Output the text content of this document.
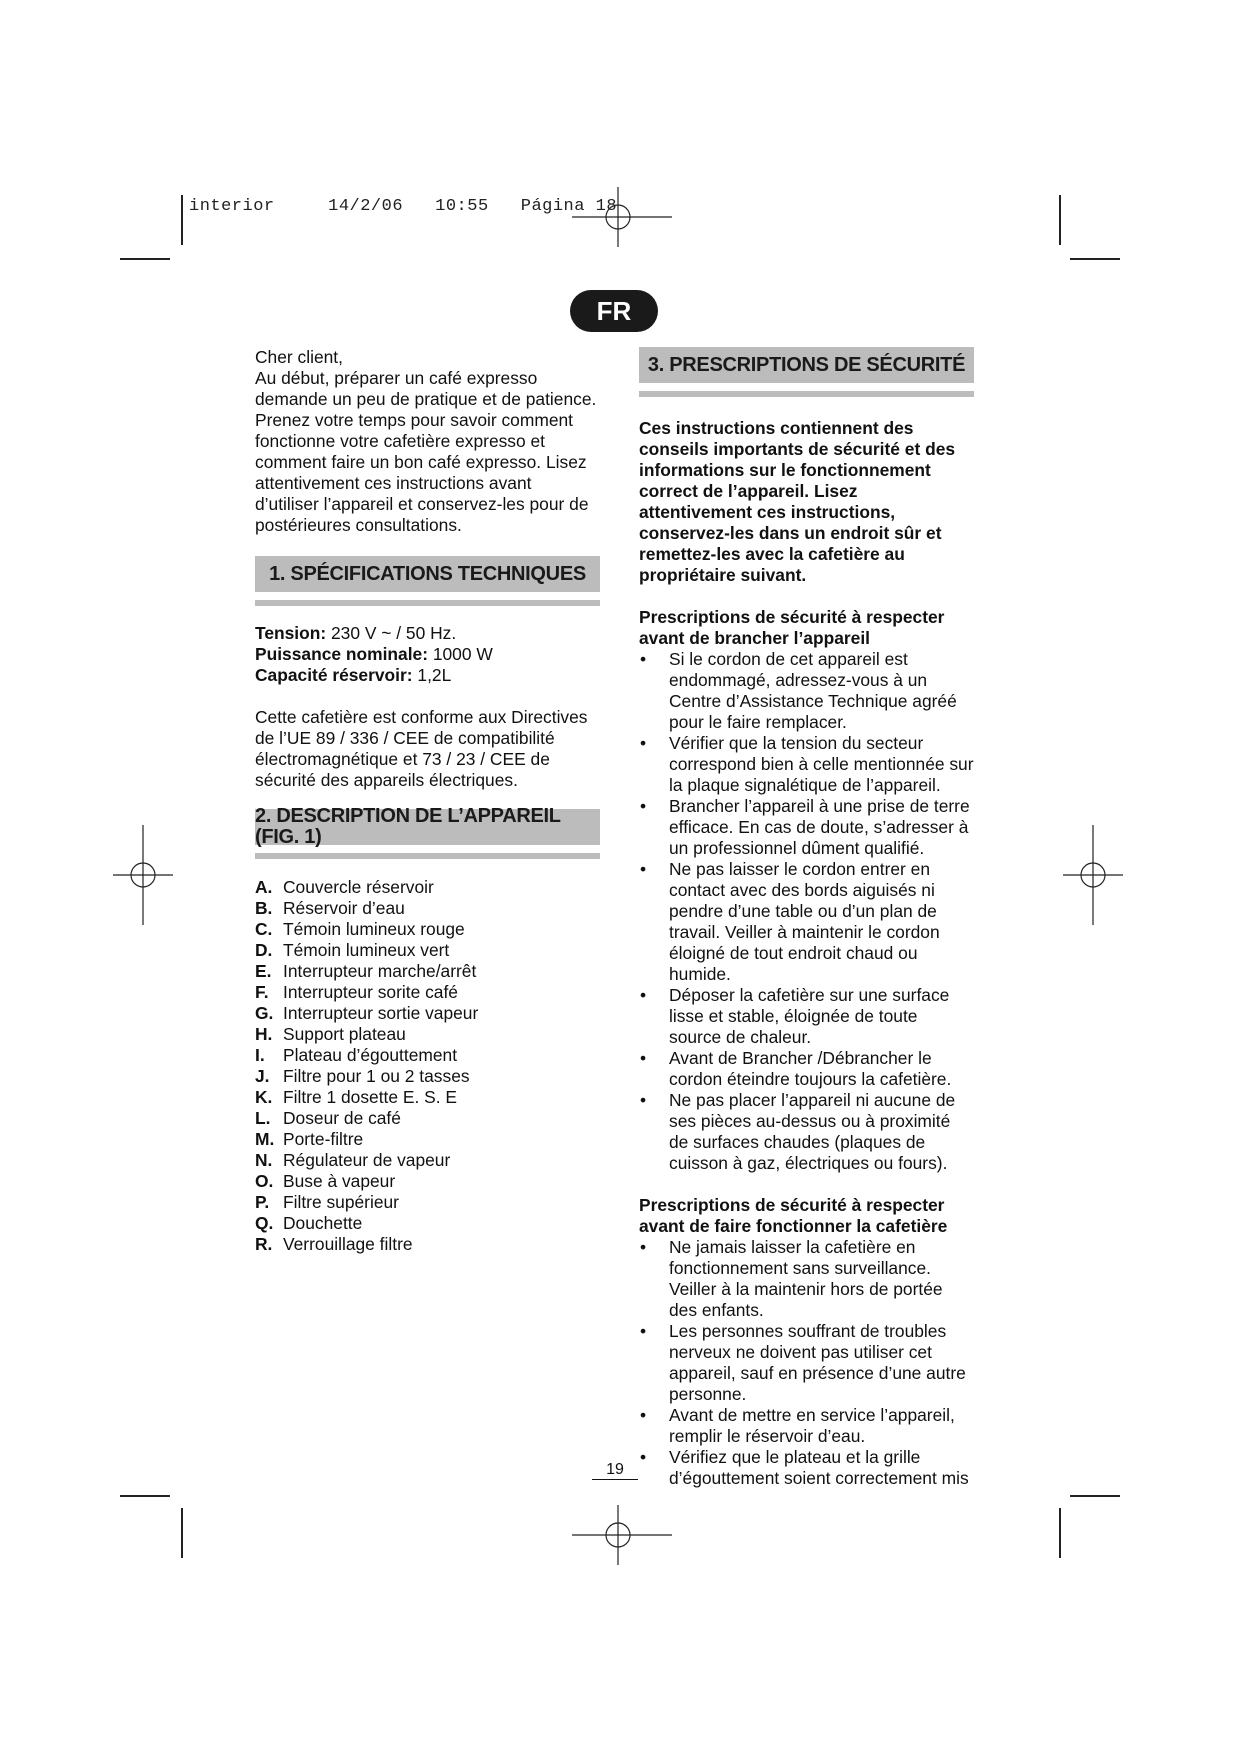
interior     14/2/06   10:55   Página 18
FR

Cher client,

Au début, préparer un café expresso demande un peu de pratique et de patience. Prenez votre temps pour savoir comment fonctionne votre cafetière expresso et comment faire un bon café expresso. Lisez attentivement ces instructions avant d’utiliser l’appareil et conservez-les pour de postérieures consultations.

1. SPÉCIFICATIONS TECHNIQUES

Tension: 230 V ~ / 50 Hz.

Puissance nominale: 1000 W

Capacité réservoir: 1,2L

Cette cafetière est conforme aux Directives de l’UE 89 / 336 / CEE de compatibilité électromagnétique et 73 / 23 / CEE de sécurité des appareils électriques.

2. DESCRIPTION DE L’APPAREIL (FIG. 1)
A. Couvercle réservoir
B. Réservoir d’eau
C. Témoin lumineux rouge
D. Témoin lumineux vert
E. Interrupteur marche/arrêt
F. Interrupteur sorite café
G. Interrupteur sortie vapeur
H. Support plateau
I.	Plateau d’égouttement
J. Filtre pour 1 ou 2 tasses
K. Filtre 1 dosette E. S. E
L. Doseur de café
M. Porte-filtre
N. Régulateur de vapeur
O. Buse à vapeur
P. Filtre supérieur
Q. Douchette
R. Verrouillage filtre
3. PRESCRIPTIONS DE SÉCURITÉ

Ces instructions contiennent des conseils importants de sécurité et des informations sur le fonctionnement correct de l’appareil. Lisez attentivement ces instructions, conservez-les dans un endroit sûr et remettez-les avec la cafetière au propriétaire suivant.

Prescriptions de sécurité à respecter avant de brancher l’appareil

• Si le cordon de cet appareil est endommagé, adressez-vous à un Centre d’Assistance Technique agréé pour le faire remplacer.
• Vérifier que la tension du secteur correspond bien à celle mentionnée sur la plaque signalétique de l’appareil.
• Brancher l’appareil à une prise de terre efficace. En cas de doute, s’adresser à un professionnel dûment qualifié.
• Ne pas laisser le cordon entrer en contact avec des bords aiguisés ni pendre d’une table ou d’un plan de travail. Veiller à maintenir le cordon éloigné de tout endroit chaud ou humide.
• Déposer la cafetière sur une surface lisse et stable, éloignée de toute source de chaleur.
• Avant de Brancher /Débrancher le cordon éteindre toujours la cafetière.
• Ne pas placer l’appareil ni aucune de ses pièces au-dessus ou à proximité de surfaces chaudes (plaques de cuisson à gaz, électriques ou fours).

Prescriptions de sécurité à respecter avant de faire fonctionner la cafetière

• Ne jamais laisser la cafetière en fonctionnement sans surveillance. Veiller à la maintenir hors de portée des enfants.
• Les personnes souffrant de troubles nerveux ne doivent pas utiliser cet appareil, sauf en présence d’une autre personne.
• Avant de mettre en service l’appareil, remplir le réservoir d’eau.
• Vérifiez que le plateau et la grille d’égouttement soient correctement mis
19
